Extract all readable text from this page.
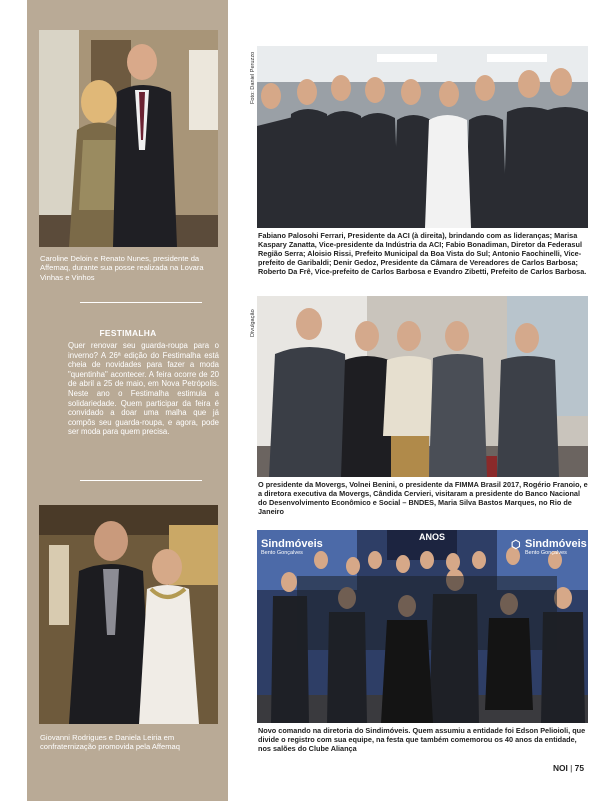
Caroline Deloin e Renato Nunes, presidente da Affemaq, durante sua posse realizada na Lovara Vinhas e Vinhos
FESTIMALHA
Quer renovar seu guarda-roupa para o inverno? A 26ª edição do Festimalha está cheia de novidades para fazer a moda "quentinha" acontecer. A feira ocorre de 20 de abril a 25 de maio, em Nova Petrópolis. Neste ano o Festimalha estimula a solidariedade. Quem participar da feira é convidado a doar uma malha que já compôs seu guarda-roupa, e agora, pode ser moda para quem precisa.
Giovanni Rodrigues e Daniela Leiria em confraternização promovida pela Affemaq
Foto: Daniel Peruzzo
Fabiano Palosohi Ferrari, Presidente da ACI (à direita), brindando com as lideranças; Marisa Kaspary Zanatta, Vice-presidente da Indústria da ACI; Fabio Bonadiman, Diretor da Federasul Região Serra; Aloisio Rissi, Prefeito Municipal da Boa Vista do Sul; Antonio Faochinelli, Vice-prefeito de Garibaldi; Denir Gedoz, Presidente da Câmara de Vereadores de Carlos Barbosa; Roberto Da Frê, Vice-prefeito de Carlos Barbosa e Evandro Zibetti, Prefeito de Carlos Barbosa.
Divulgação
O presidente da Movergs, Volnei Benini, o presidente da FIMMA Brasil 2017, Rogério Franoio, e a diretora executiva da Movergs, Cândida Cervieri, visitaram a presidente do Banco Nacional do Desenvolvimento Econômico e Social – BNDES, Maria Silva Bastos Marques, no Rio de Janeiro
Sindmóveis
Bento Gonçalves
ANOS
⬡ Sindmóveis
Bento Gonçalves
Novo comando na diretoria do Sindimóveis. Quem assumiu a entidade foi Edson Pelioioli, que divide o registro com sua equipe, na festa que também comemorou os 40 anos da entidade, nos salões do Clube Aliança
NOI | 75
